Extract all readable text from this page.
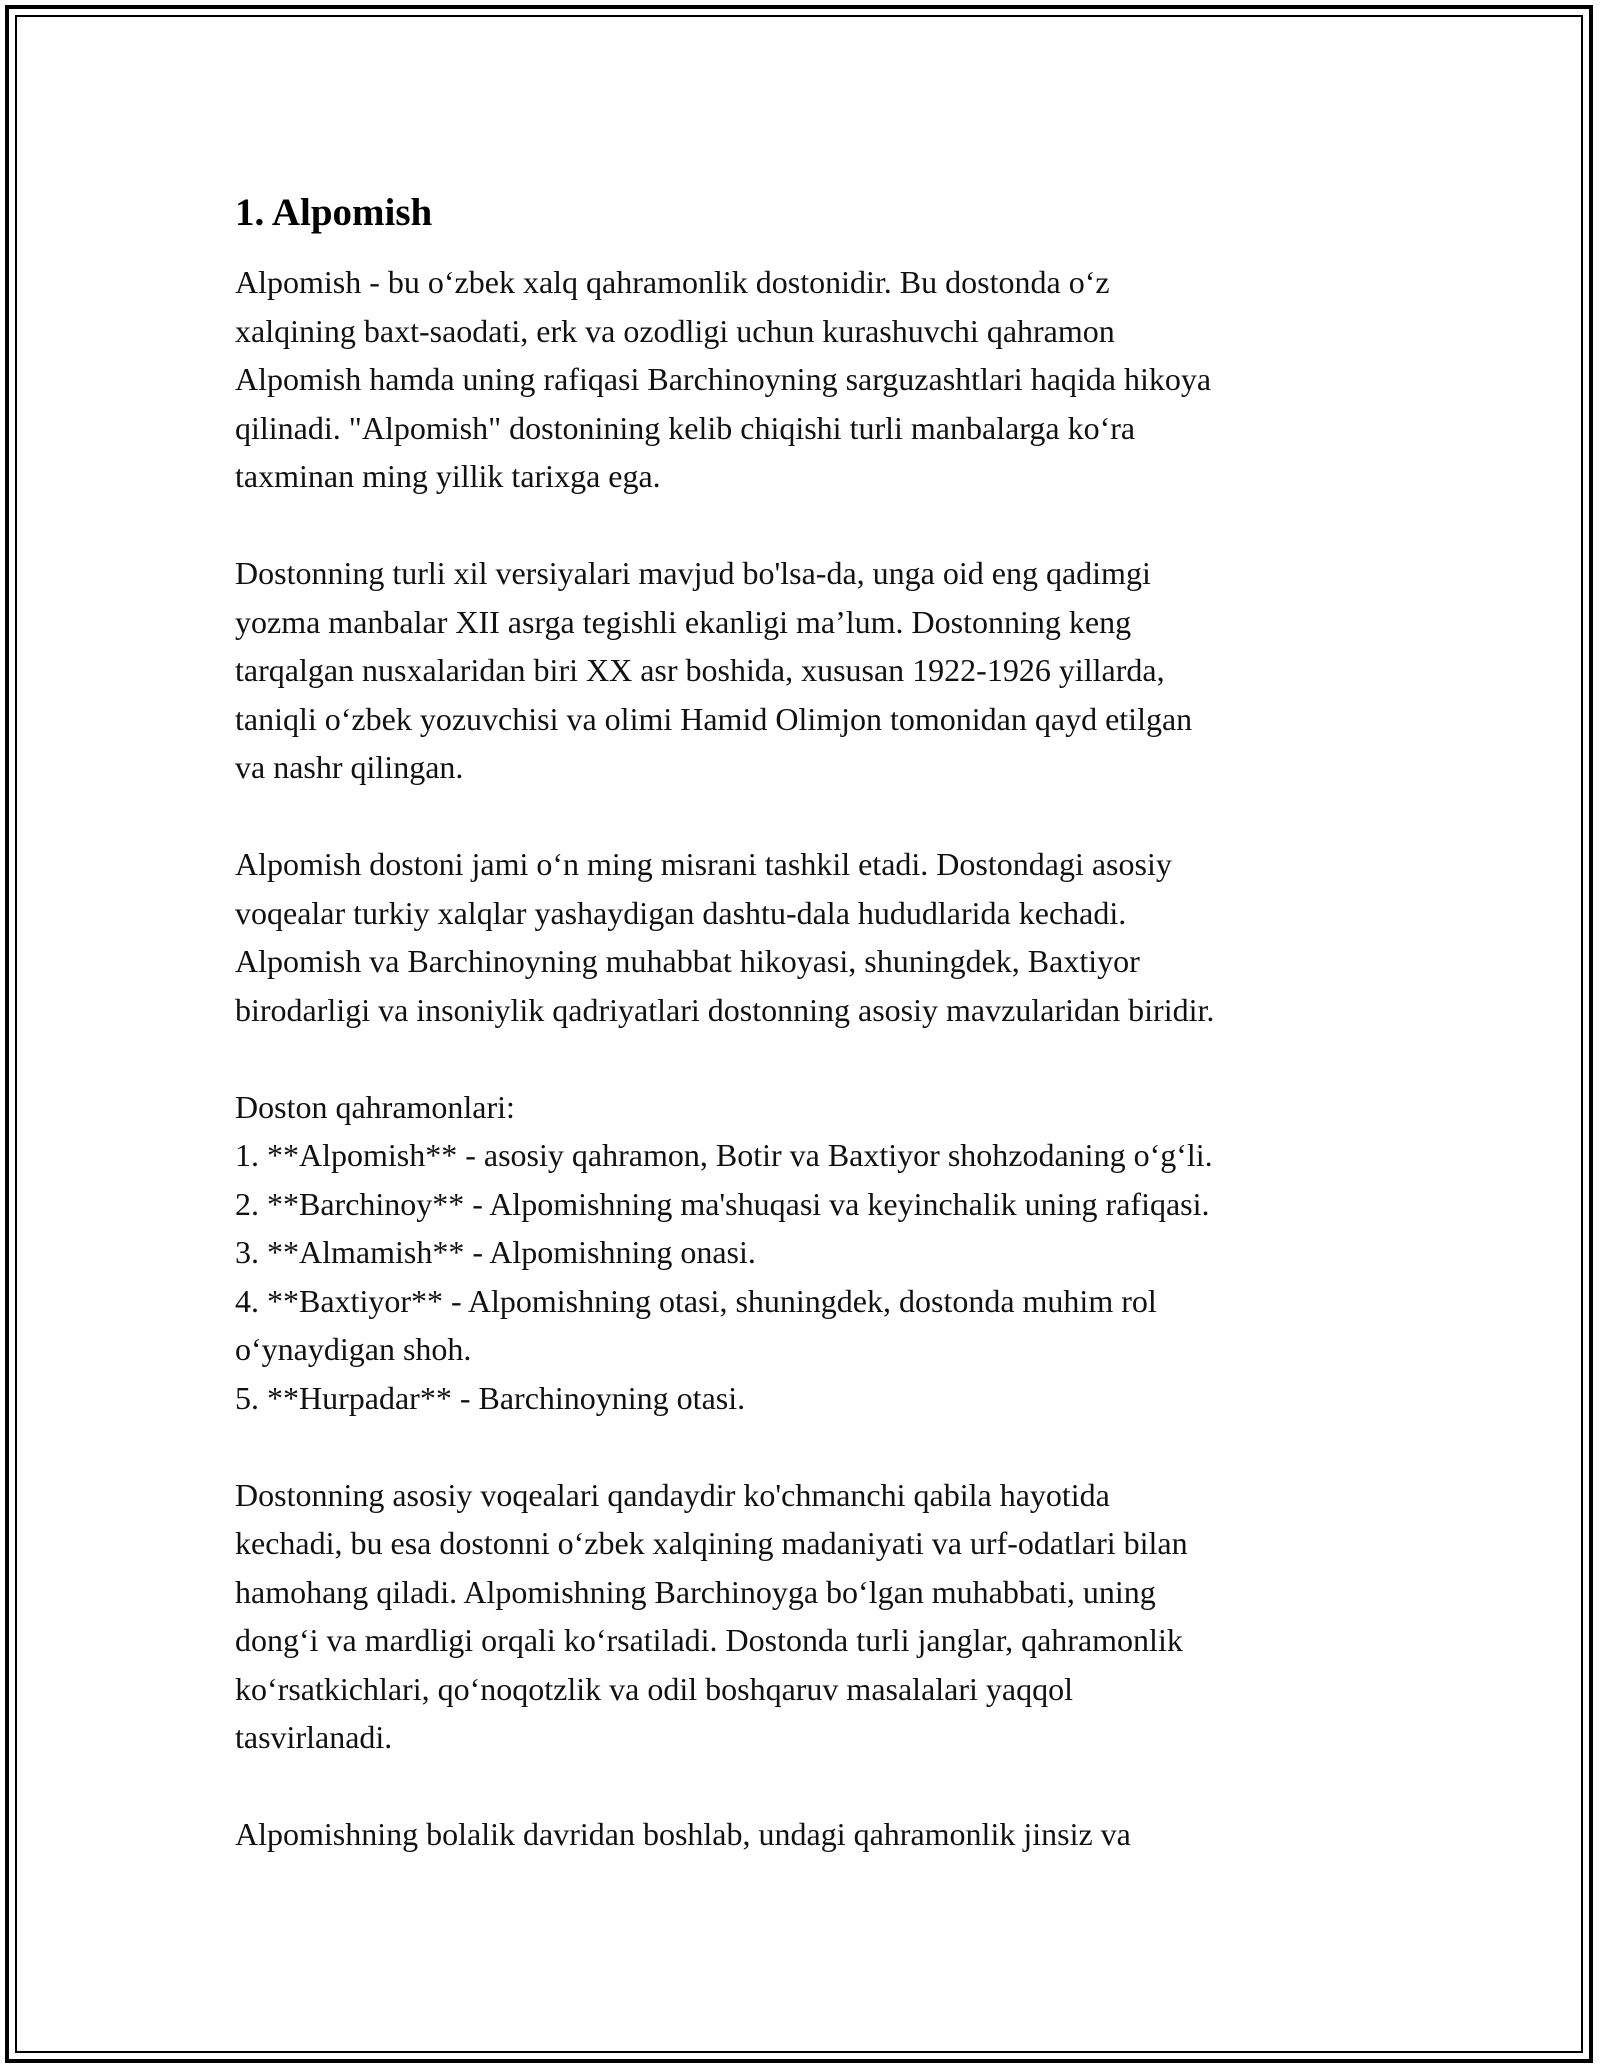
1. Alpomish
Alpomish - bu o‘zbek xalq qahramonlik dostonidir. Bu dostonda o‘z
xalqining baxt-saodati, erk va ozodligi uchun kurashuvchi qahramon
Alpomish hamda uning rafiqasi Barchinoyning sarguzashtlari haqida hikoya
qilinadi. "Alpomish" dostonining kelib chiqishi turli manbalarga ko‘ra
taxminan ming yillik tarixga ega.
Dostonning turli xil versiyalari mavjud bo'lsa-da, unga oid eng qadimgi
yozma manbalar XII asrga tegishli ekanligi ma’lum. Dostonning keng
tarqalgan nusxalaridan biri XX asr boshida, xususan 1922-1926 yillarda,
taniqli o‘zbek yozuvchisi va olimi Hamid Olimjon tomonidan qayd etilgan
va nashr qilingan.
Alpomish dostoni jami o‘n ming misrani tashkil etadi. Dostondagi asosiy
voqealar turkiy xalqlar yashaydigan dashtu-dala hududlarida kechadi.
Alpomish va Barchinoyning muhabbat hikoyasi, shuningdek, Baxtiyor
birodarligi va insoniylik qadriyatlari dostonning asosiy mavzularidan biridir.
Doston qahramonlari:
1. **Alpomish** - asosiy qahramon, Botir va Baxtiyor shohzodaning o‘g‘li.
2. **Barchinoy** - Alpomishning ma'shuqasi va keyinchalik uning rafiqasi.
3. **Almamish** - Alpomishning onasi.
4. **Baxtiyor** - Alpomishning otasi, shuningdek, dostonda muhim rol
o‘ynaydigan shoh.
5. **Hurpadar** - Barchinoyning otasi.
Dostonning asosiy voqealari qandaydir ko'chmanchi qabila hayotida
kechadi, bu esa dostonni o‘zbek xalqining madaniyati va urf-odatlari bilan
hamohang qiladi. Alpomishning Barchinoyga bo‘lgan muhabbati, uning
dong‘i va mardligi orqali ko‘rsatiladi. Dostonda turli janglar, qahramonlik
ko‘rsatkichlari, qo‘noqotzlik va odil boshqaruv masalalari yaqqol
tasvirlanadi.
Alpomishning bolalik davridan boshlab, undagi qahramonlik jinsiz va
